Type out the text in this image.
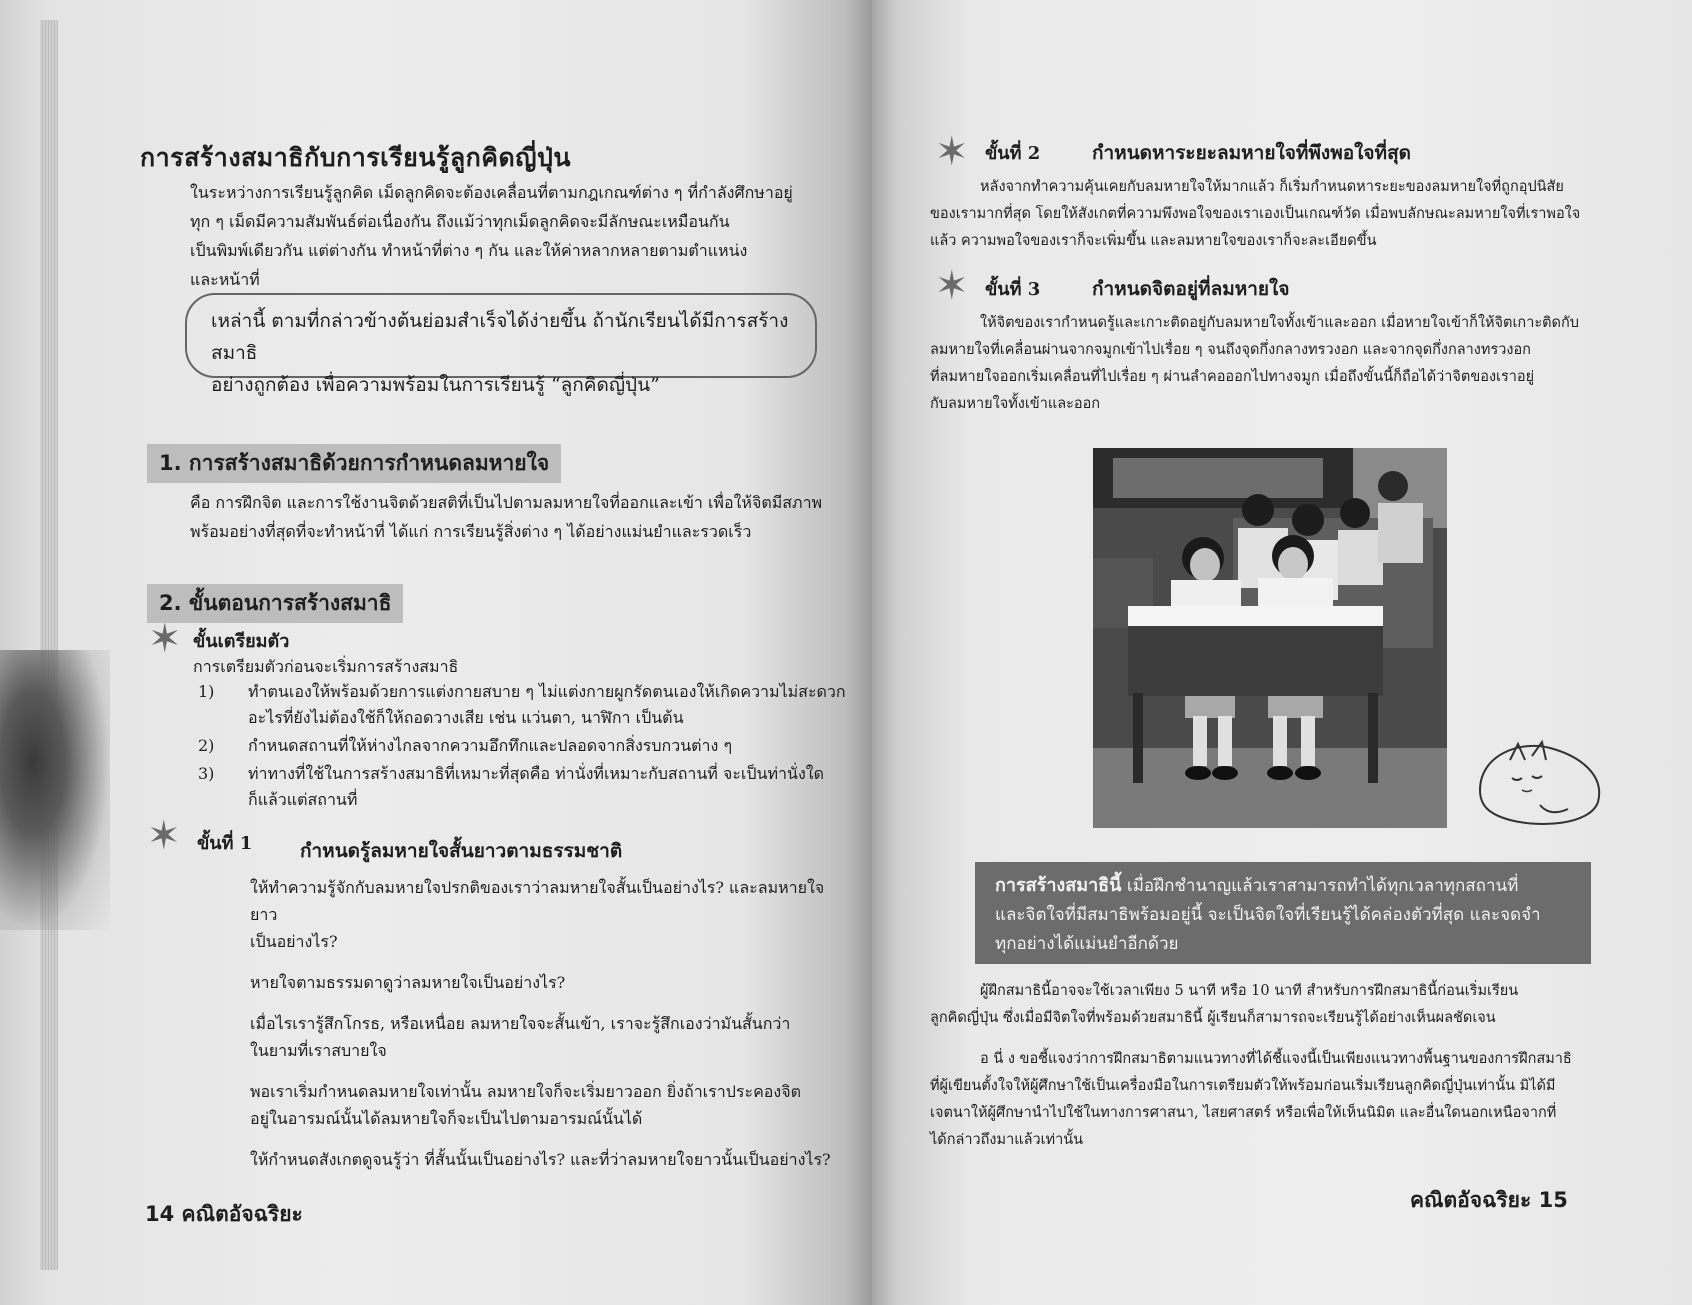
การสร้างสมาธิกับการเรียนรู้ลูกคิดญี่ปุ่น

ในระหว่างการเรียนรู้ลูกคิด เม็ดลูกคิดจะต้องเคลื่อนที่ตามกฎเกณฑ์ต่าง ๆ ที่กำลังศึกษาอยู่

ทุก ๆ เม็ดมีความสัมพันธ์ต่อเนื่องกัน ถึงแม้ว่าทุกเม็ดลูกคิดจะมีลักษณะเหมือนกัน

เป็นพิมพ์เดียวกัน แต่ต่างกัน ทำหน้าที่ต่าง ๆ กัน และให้ค่าหลากหลายตามตำแหน่ง

และหน้าที่

เหล่านี้ ตามที่กล่าวข้างต้นย่อมสำเร็จได้ง่ายขึ้น ถ้านักเรียนได้มีการสร้างสมาธิ
อย่างถูกต้อง เพื่อความพร้อมในการเรียนรู้ “ลูกคิดญี่ปุ่น”
1. การสร้างสมาธิด้วยการกำหนดลมหายใจ

คือ การฝึกจิต และการใช้งานจิตด้วยสติที่เป็นไปตามลมหายใจที่ออกและเข้า เพื่อให้จิตมีสภาพ

พร้อมอย่างที่สุดที่จะทำหน้าที่ ได้แก่ การเรียนรู้สิ่งต่าง ๆ ได้อย่างแม่นยำและรวดเร็ว

2. ขั้นตอนการสร้างสมาธิ
✶ ขั้นเตรียมตัว
การเตรียมตัวก่อนจะเริ่มการสร้างสมาธิ
1) ทำตนเองให้พร้อมด้วยการแต่งกายสบาย ๆ ไม่แต่งกายผูกรัดตนเองให้เกิดความไม่สะดวก
อะไรที่ยังไม่ต้องใช้ก็ให้ถอดวางเสีย เช่น แว่นตา, นาฬิกา เป็นต้น
2) กำหนดสถานที่ให้ห่างไกลจากความอึกทึกและปลอดจากสิ่งรบกวนต่าง ๆ
3) ท่าทางที่ใช้ในการสร้างสมาธิที่เหมาะที่สุดคือ ท่านั่งที่เหมาะกับสถานที่ จะเป็นท่านั่งใด
ก็แล้วแต่สถานที่
✶ ขั้นที่ 1	กำหนดรู้ลมหายใจสั้นยาวตามธรรมชาติ

ให้ทำความรู้จักกับลมหายใจปรกติของเราว่าลมหายใจสั้นเป็นอย่างไร? และลมหายใจยาว
เป็นอย่างไร?

หายใจตามธรรมดาดูว่าลมหายใจเป็นอย่างไร?

เมื่อไรเรารู้สึกโกรธ, หรือเหนื่อย ลมหายใจจะสั้นเข้า, เราจะรู้สึกเองว่ามันสั้นกว่า
ในยามที่เราสบายใจ

พอเราเริ่มกำหนดลมหายใจเท่านั้น ลมหายใจก็จะเริ่มยาวออก ยิ่งถ้าเราประคองจิต
อยู่ในอารมณ์นั้นได้ลมหายใจก็จะเป็นไปตามอารมณ์นั้นได้

ให้กำหนดสังเกตดูจนรู้ว่า ที่สั้นนั้นเป็นอย่างไร? และที่ว่าลมหายใจยาวนั้นเป็นอย่างไร?

14 คณิตอัจฉริยะ
✶ ขั้นที่ 2	กำหนดหาระยะลมหายใจที่พึงพอใจที่สุด

หลังจากทำความคุ้นเคยกับลมหายใจให้มากแล้ว ก็เริ่มกำหนดหาระยะของลมหายใจที่ถูกอุปนิสัย

ของเรามากที่สุด โดยให้สังเกตที่ความพึงพอใจของเราเองเป็นเกณฑ์วัด เมื่อพบลักษณะลมหายใจที่เราพอใจ

แล้ว ความพอใจของเราก็จะเพิ่มขึ้น และลมหายใจของเราก็จะละเอียดขึ้น

✶ ขั้นที่ 3	กำหนดจิตอยู่ที่ลมหายใจ

ให้จิตของเรากำหนดรู้และเกาะติดอยู่กับลมหายใจทั้งเข้าและออก เมื่อหายใจเข้าก็ให้จิตเกาะติดกับ

ลมหายใจที่เคลื่อนผ่านจากจมูกเข้าไปเรื่อย ๆ จนถึงจุดกึ่งกลางทรวงอก และจากจุดกึ่งกลางทรวงอก

ที่ลมหายใจออกเริ่มเคลื่อนที่ไปเรื่อย ๆ ผ่านลำคอออกไปทางจมูก เมื่อถึงขั้นนี้ก็ถือได้ว่าจิตของเราอยู่

กับลมหายใจทั้งเข้าและออก

การสร้างสมาธินี้ เมื่อฝึกชำนาญแล้วเราสามารถทำได้ทุกเวลาทุกสถานที่
และจิตใจที่มีสมาธิพร้อมอยู่นี้ จะเป็นจิตใจที่เรียนรู้ได้คล่องตัวที่สุด และจดจำ
ทุกอย่างได้แม่นยำอีกด้วย

ผู้ฝึกสมาธินี้อาจจะใช้เวลาเพียง 5 นาที หรือ 10 นาที สำหรับการฝึกสมาธินี้ก่อนเริ่มเรียน

ลูกคิดญี่ปุ่น ซึ่งเมื่อมีจิตใจที่พร้อมด้วยสมาธินี้ ผู้เรียนก็สามารถจะเรียนรู้ได้อย่างเห็นผลชัดเจน

อ นี่ ง ขอชี้แจงว่าการฝึกสมาธิตามแนวทางที่ได้ชี้แจงนี้เป็นเพียงแนวทางพื้นฐานของการฝึกสมาธิ

ที่ผู้เขียนตั้งใจให้ผู้ศึกษาใช้เป็นเครื่องมือในการเตรียมตัวให้พร้อมก่อนเริ่มเรียนลูกคิดญี่ปุ่นเท่านั้น มิได้มี

เจตนาให้ผู้ศึกษานำไปใช้ในทางการศาสนา, ไสยศาสตร์ หรือเพื่อให้เห็นนิมิต และอื่นใดนอกเหนือจากที่

ได้กล่าวถึงมาแล้วเท่านั้น

คณิตอัจฉริยะ 15
